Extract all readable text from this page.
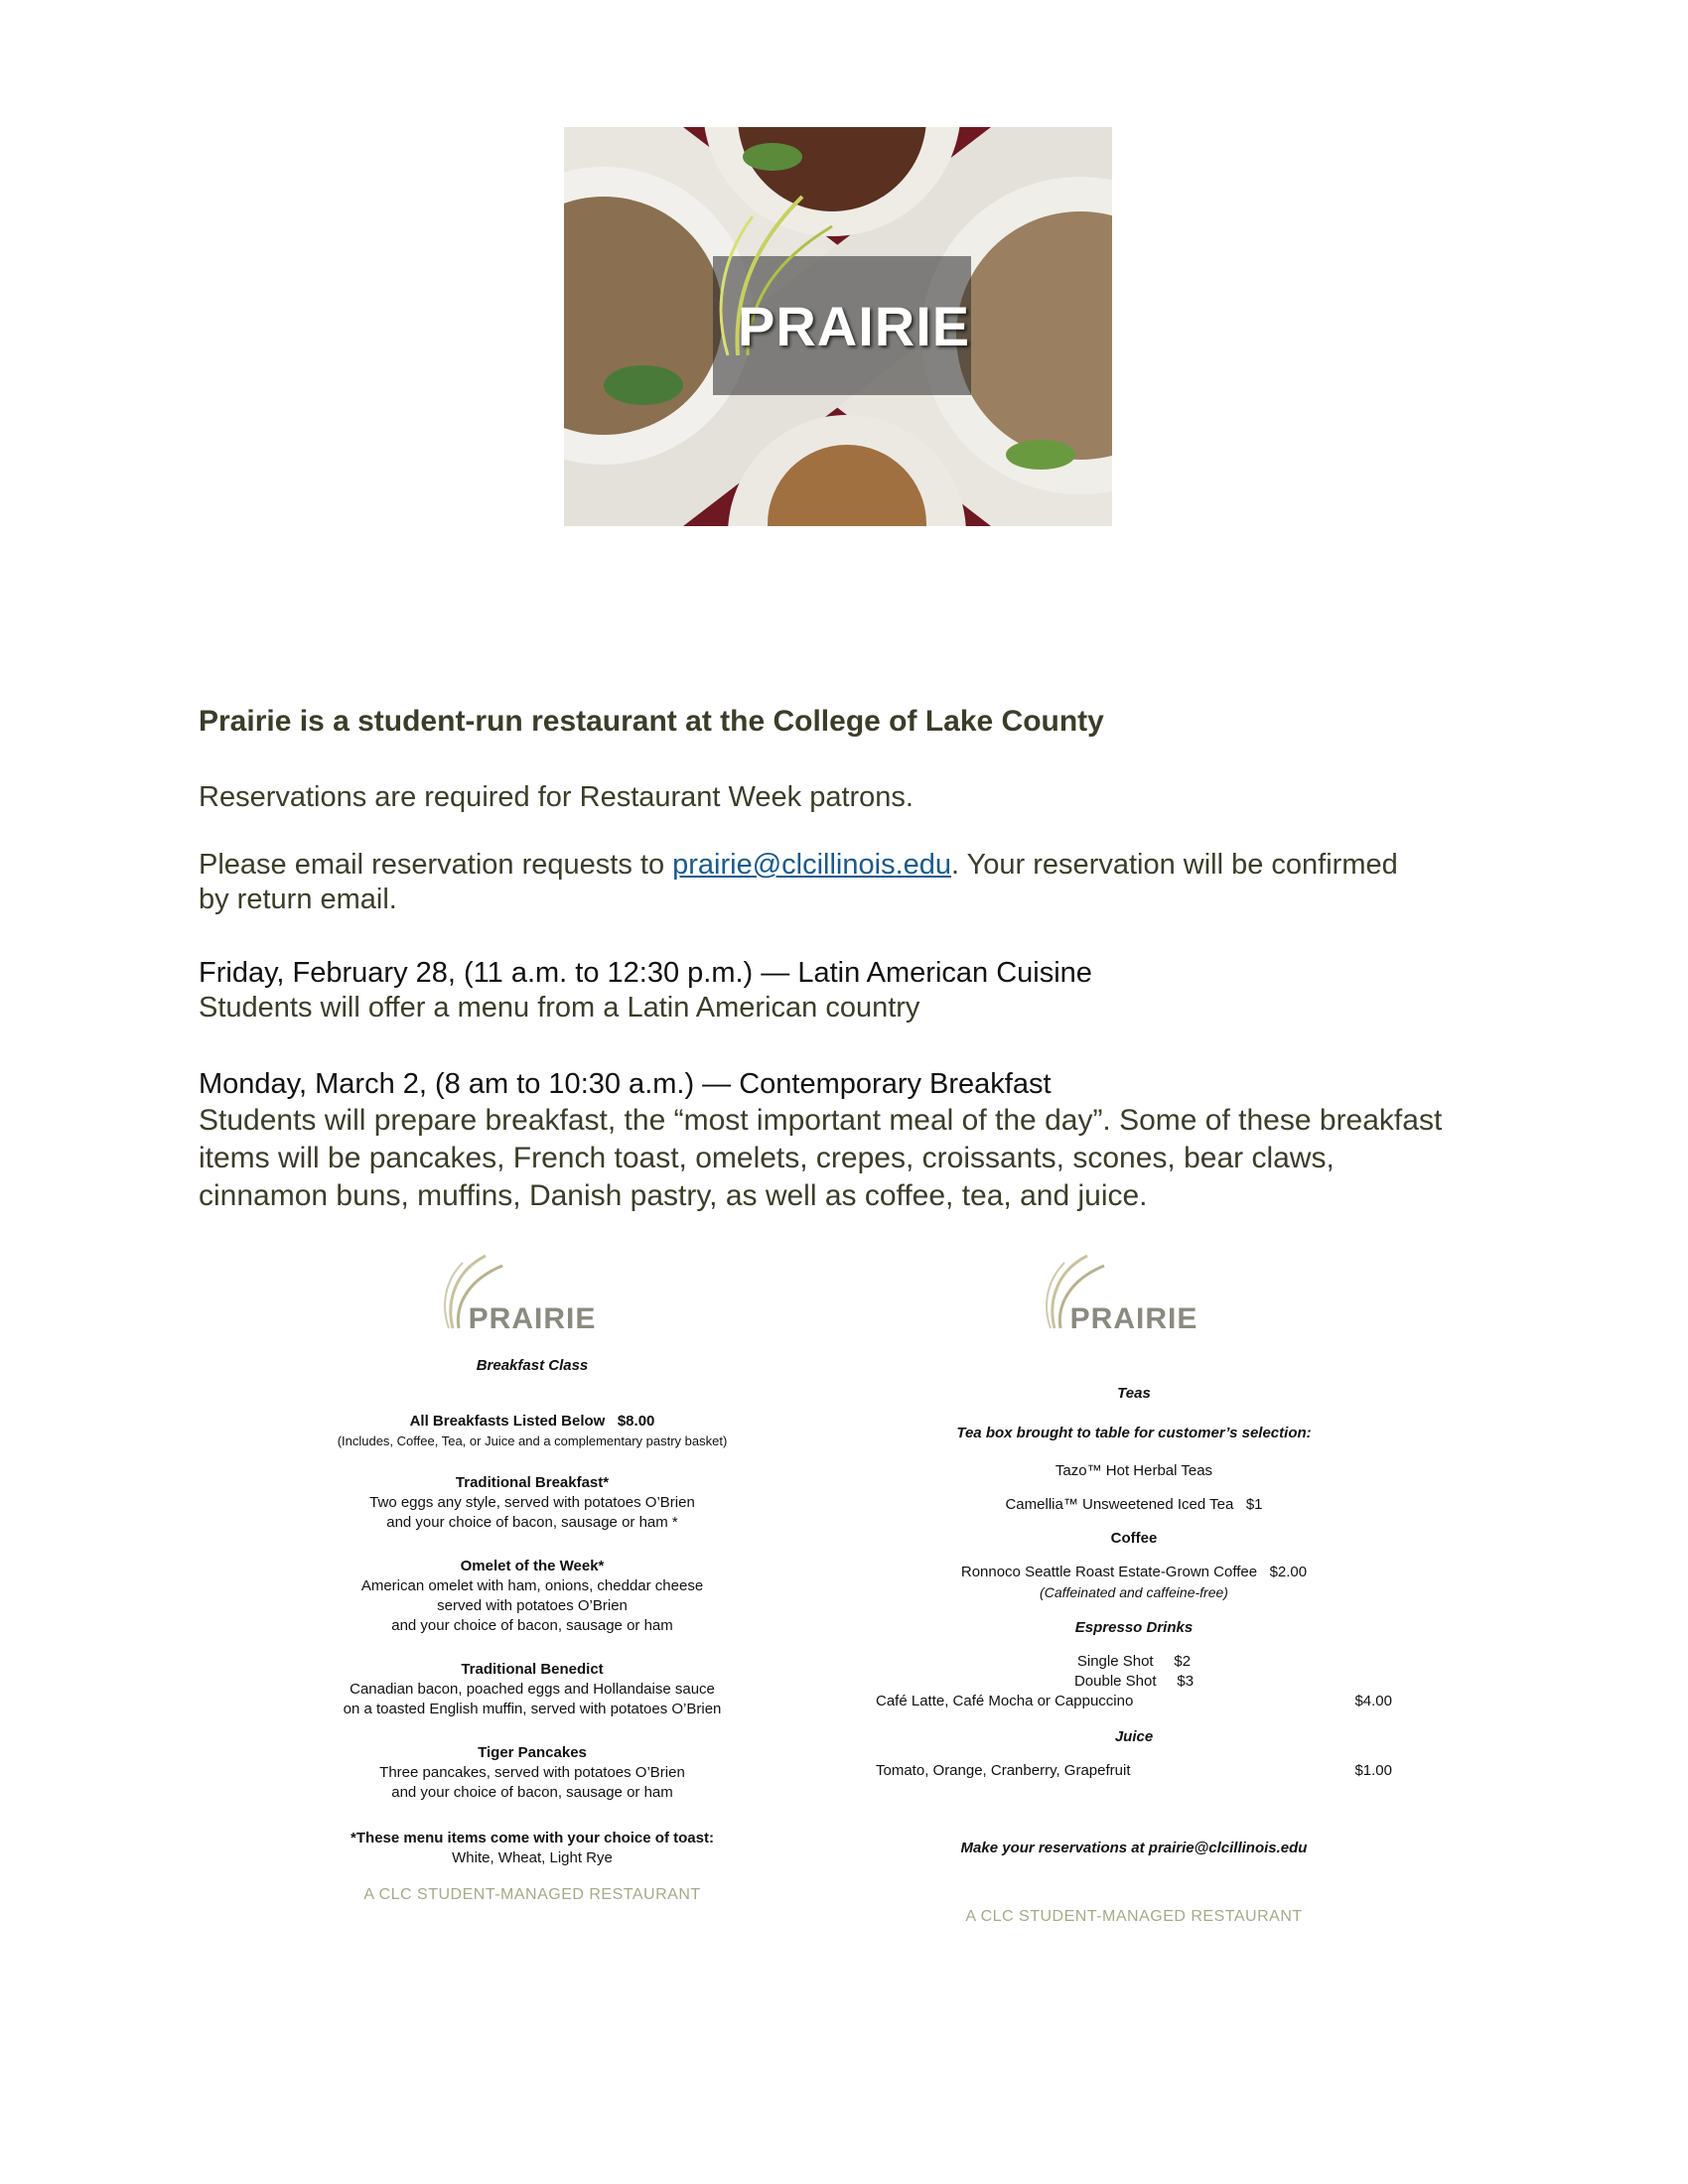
PRAIRIE
Prairie is a student-run restaurant at the College of Lake County
Reservations are required for Restaurant Week patrons.
Please email reservation requests to prairie@clcillinois.edu. Your reservation will be confirmed
by return email.
Friday, February 28, (11 a.m. to 12:30 p.m.) — Latin American Cuisine
Students will offer a menu from a Latin American country
Monday, March 2, (8 am to 10:30 a.m.) — Contemporary Breakfast
Students will prepare breakfast, the “most important meal of the day”. Some of these breakfast
items will be pancakes, French toast, omelets, crepes, croissants, scones, bear claws,
cinnamon buns, muffins, Danish pastry, as well as coffee, tea, and juice.
PRAIRIE
Breakfast Class
All Breakfasts Listed Below $8.00
(Includes, Coffee, Tea, or Juice and a complementary pastry basket)
Traditional Breakfast*
Two eggs any style, served with potatoes O’Brien
and your choice of bacon, sausage or ham *
Omelet of the Week*
American omelet with ham, onions, cheddar cheese
served with potatoes O’Brien
and your choice of bacon, sausage or ham
Traditional Benedict
Canadian bacon, poached eggs and Hollandaise sauce
on a toasted English muffin, served with potatoes O’Brien
Tiger Pancakes
Three pancakes, served with potatoes O’Brien
and your choice of bacon, sausage or ham
*These menu items come with your choice of toast:
White, Wheat, Light Rye
A CLC STUDENT-MANAGED RESTAURANT
PRAIRIE
Teas
Tea box brought to table for customer’s selection:
Tazo™ Hot Herbal Teas
Camellia™ Unsweetened Iced Tea   $1
Coffee
Ronnoco Seattle Roast Estate-Grown Coffee   $2.00
(Caffeinated and caffeine-free)
Espresso Drinks
Single Shot     $2
Double Shot     $3
Café Latte, Café Mocha or Cappuccino	$4.00
Juice
Tomato, Orange, Cranberry, Grapefruit	$1.00
Make your reservations at prairie@clcillinois.edu
A CLC STUDENT-MANAGED RESTAURANT
